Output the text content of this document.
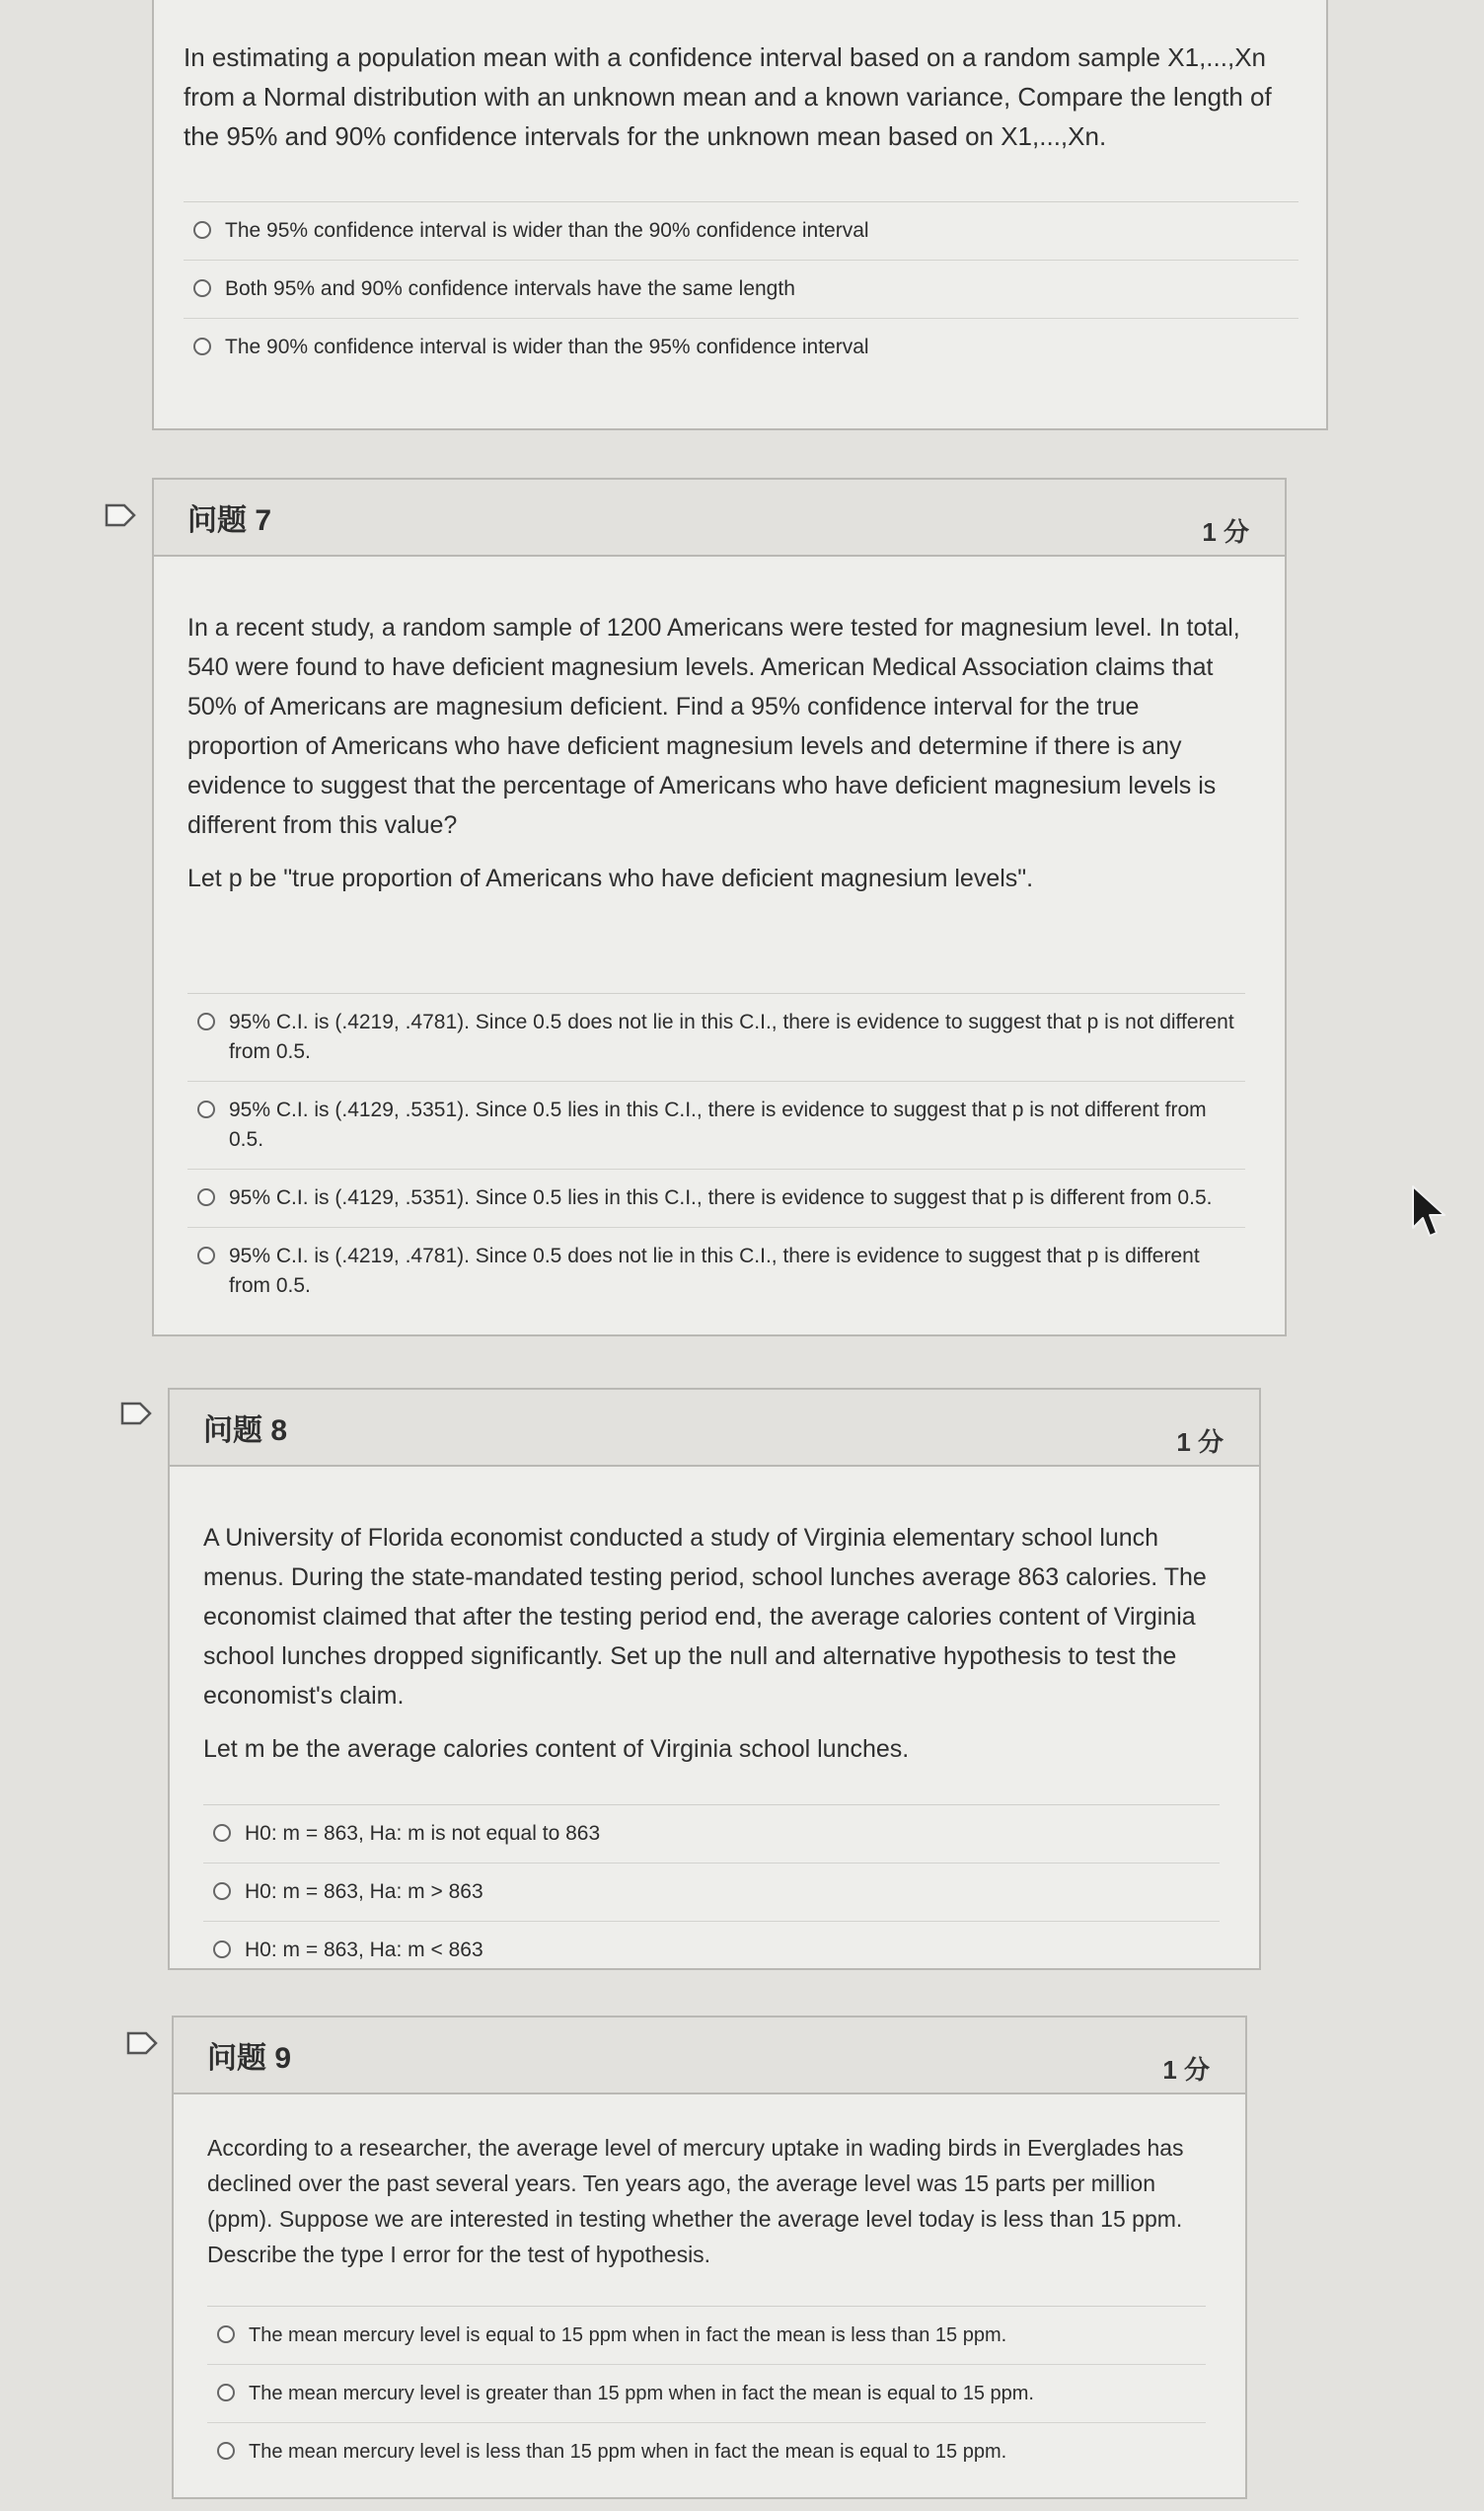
In estimating a population mean with a confidence interval based on a random sample X1,...,Xn from a Normal distribution with an unknown mean and a known variance, Compare the length of the 95% and 90% confidence intervals for the unknown mean based on X1,...,Xn.

The 95% confidence interval is wider than the 90% confidence interval
Both 95% and 90% confidence intervals have the same length
The 90% confidence interval is wider than the 95% confidence interval
问题 7	1 分

In a recent study, a random sample of 1200 Americans were tested for magnesium level. In total, 540 were found to have deficient magnesium levels. American Medical Association claims that 50% of Americans are magnesium deficient. Find a 95% confidence interval for the true proportion of Americans who have deficient magnesium levels and determine if there is any evidence to suggest that the percentage of Americans who have deficient magnesium levels is different from this value?

Let p be "true proportion of Americans who have deficient magnesium levels".

95% C.I. is (.4219, .4781). Since 0.5 does not lie in this C.I., there is evidence to suggest that p is not different from 0.5.
95% C.I. is (.4129, .5351). Since 0.5 lies in this C.I., there is evidence to suggest that p is not different from 0.5.
95% C.I. is (.4129, .5351). Since 0.5 lies in this C.I., there is evidence to suggest that p is different from 0.5.
95% C.I. is (.4219, .4781). Since 0.5 does not lie in this C.I., there is evidence to suggest that p is different from 0.5.
问题 8	1 分

A University of Florida economist conducted a study of Virginia elementary school lunch menus. During the state-mandated testing period, school lunches average 863 calories. The economist claimed that after the testing period end, the average calories content of Virginia school lunches dropped significantly. Set up the null and alternative hypothesis to test the economist's claim.

Let m be the average calories content of Virginia school lunches.

H0: m = 863, Ha: m is not equal to 863
H0: m = 863, Ha: m > 863
H0: m = 863, Ha: m < 863
问题 9	1 分

According to a researcher, the average level of mercury uptake in wading birds in Everglades has declined over the past several years. Ten years ago, the average level was 15 parts per million (ppm). Suppose we are interested in testing whether the average level today is less than 15 ppm. Describe the type I error for the test of hypothesis.

The mean mercury level is equal to 15 ppm when in fact the mean is less than 15 ppm.
The mean mercury level is greater than 15 ppm when in fact the mean is equal to 15 ppm.
The mean mercury level is less than 15 ppm when in fact the mean is equal to 15 ppm.
